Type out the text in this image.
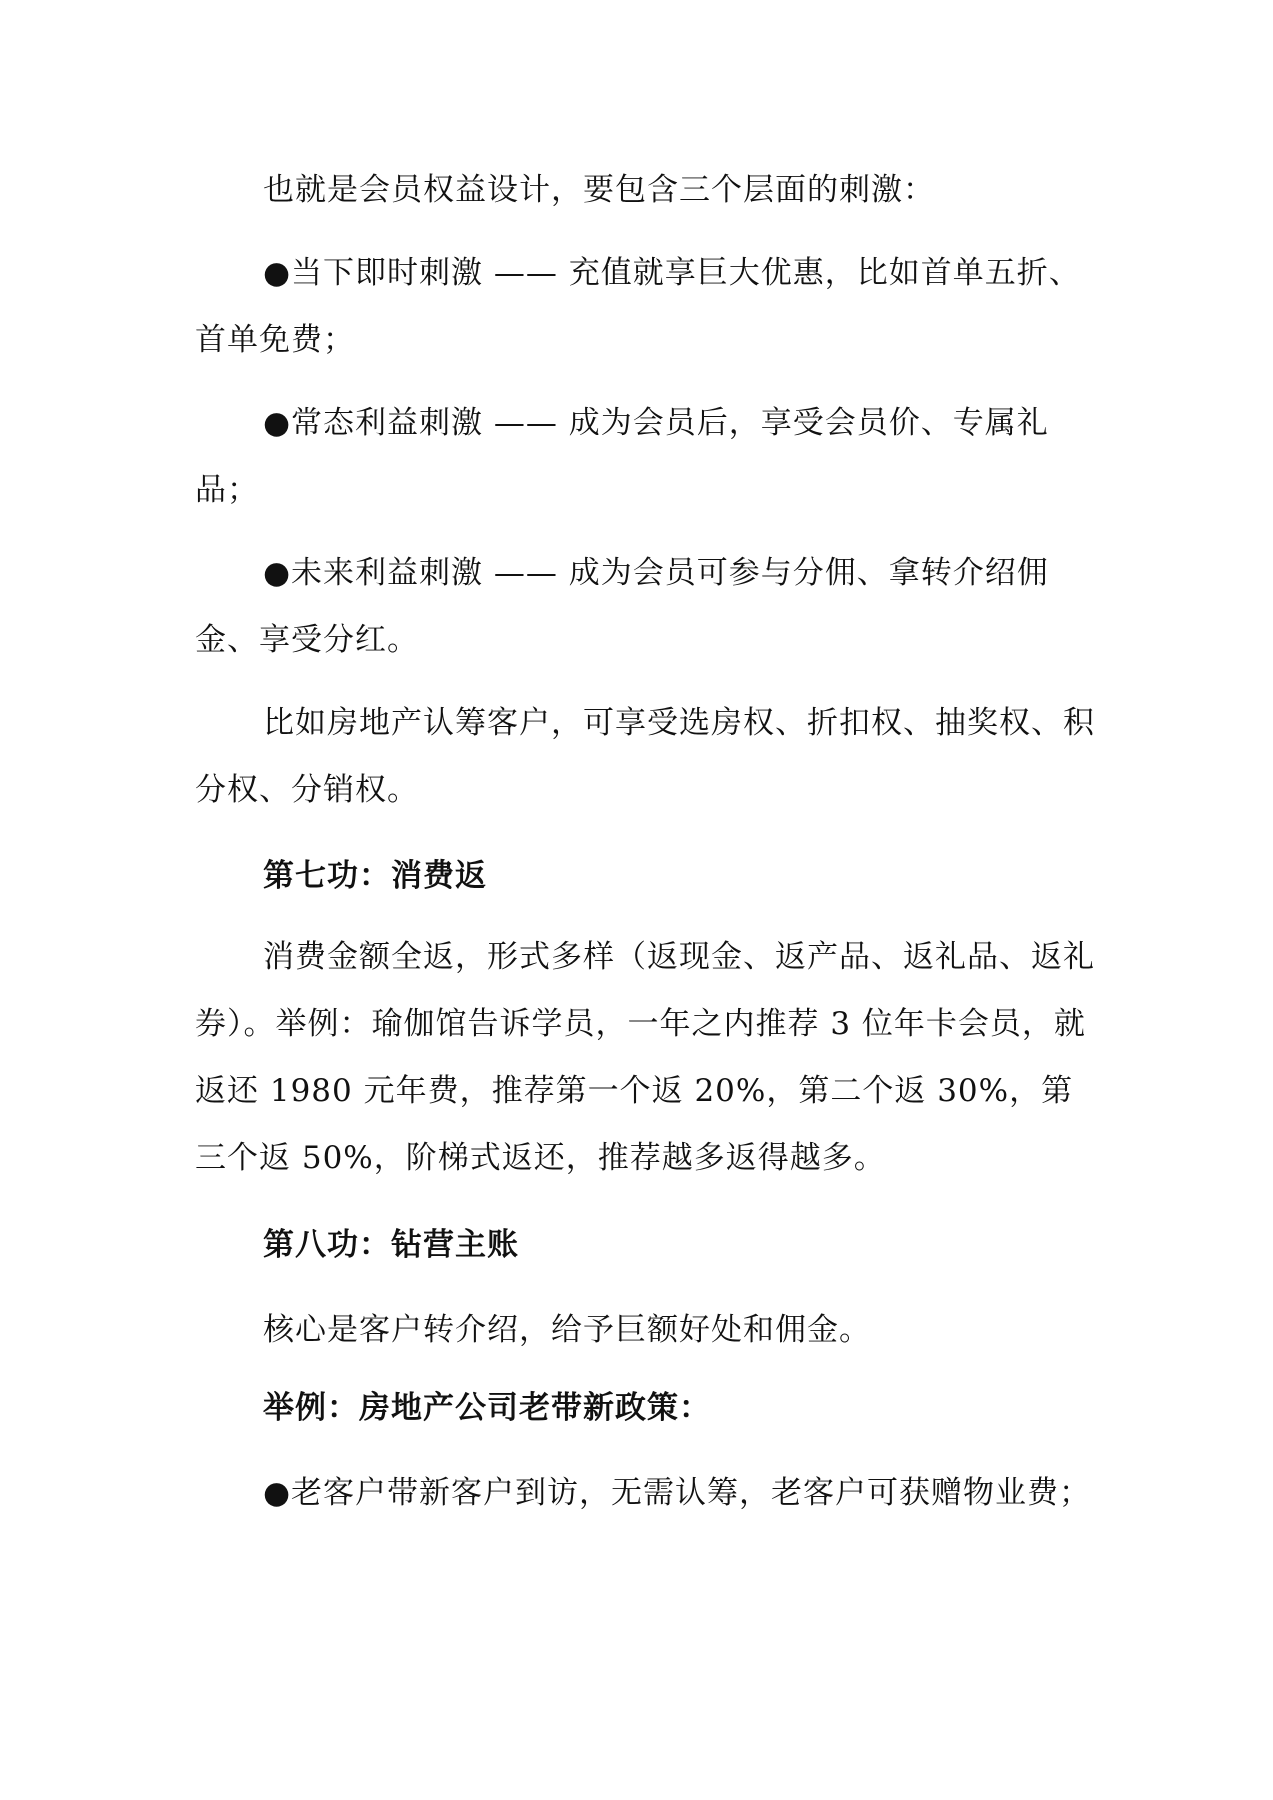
也就是会员权益设计，要包含三个层面的刺激：

●当下即时刺激 —— 充值就享巨大优惠，比如首单五折、首单免费；

●常态利益刺激 —— 成为会员后，享受会员价、专属礼品；

●未来利益刺激 —— 成为会员可参与分佣、拿转介绍佣金、享受分红。

比如房地产认筹客户，可享受选房权、折扣权、抽奖权、积分权、分销权。

第七功：消费返

消费金额全返，形式多样（返现金、返产品、返礼品、返礼券）。举例：瑜伽馆告诉学员，一年之内推荐 3 位年卡会员，就返还 1980 元年费，推荐第一个返 20%，第二个返 30%，第三个返 50%，阶梯式返还，推荐越多返得越多。

第八功：钻营主账

核心是客户转介绍，给予巨额好处和佣金。

举例：房地产公司老带新政策：

●老客户带新客户到访，无需认筹，老客户可获赠物业费；
